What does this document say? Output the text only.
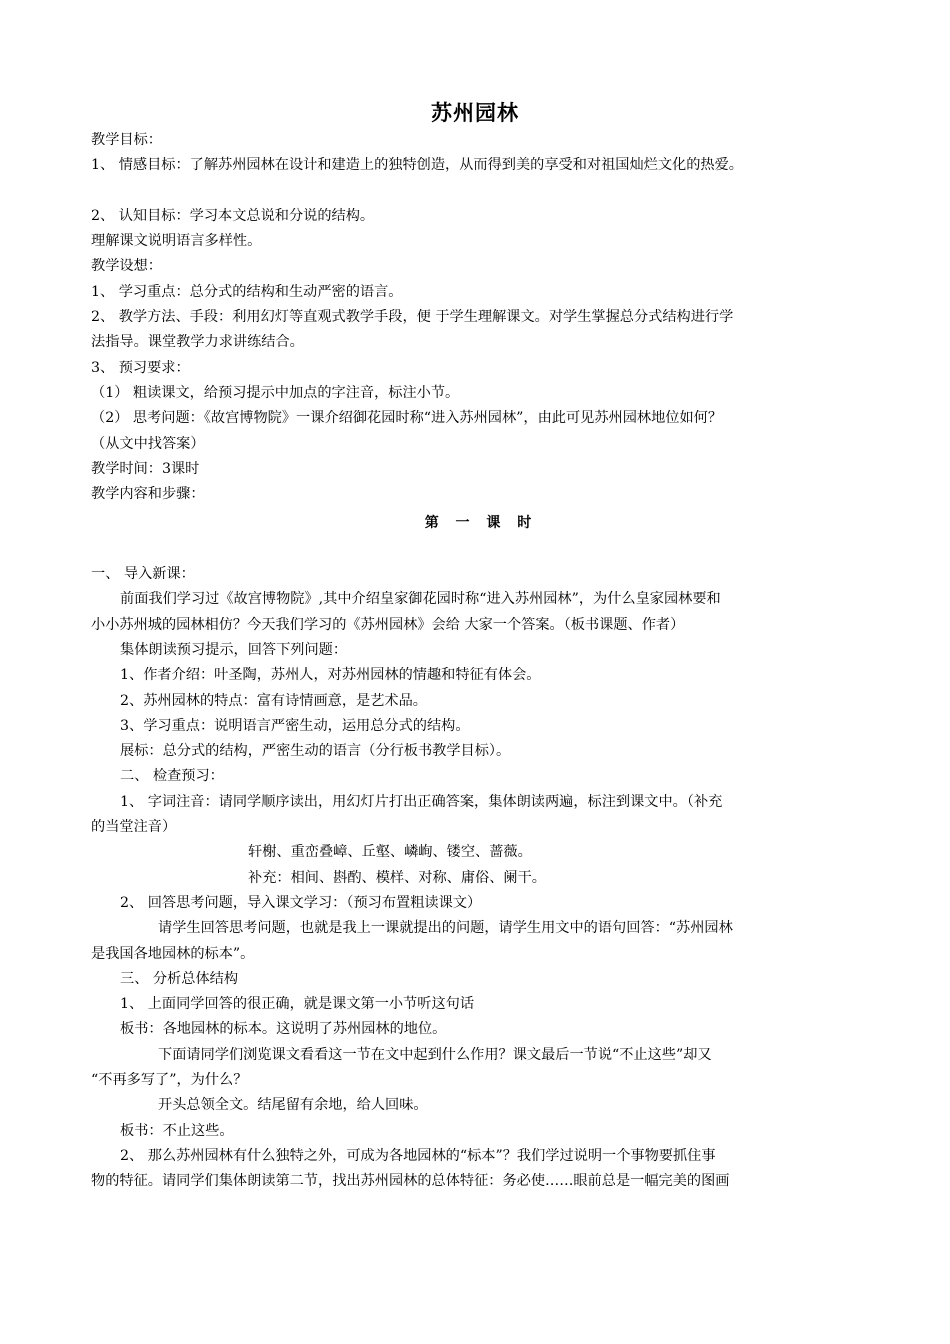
苏州园林
教学目标：
1、 情感目标：了解苏州园林在设计和建造上的独特创造，从而得到美的享受和对祖国灿烂文化的热爱。
2、 认知目标：学习本文总说和分说的结构。
理解课文说明语言多样性。
教学设想：
1、 学习重点：总分式的结构和生动严密的语言。
2、 教学方法、手段：利用幻灯等直观式教学手段，便 于学生理解课文。对学生掌握总分式结构进行学
法指导。课堂教学力求讲练结合。
3、 预习要求：
（1） 粗读课文，给预习提示中加点的字注音，标注小节。
（2） 思考问题：《故宫博物院》一课介绍御花园时称“进入苏州园林”，由此可见苏州园林地位如何？
（从文中找答案）
教学时间：3课时
教学内容和步骤：
第 一 课 时
一、 导入新课：
前面我们学习过《故宫博物院》,其中介绍皇家御花园时称“进入苏州园林”，为什么皇家园林要和
小小苏州城的园林相仿？今天我们学习的《苏州园林》会给 大家一个答案。（板书课题、作者）
集体朗读预习提示，回答下列问题：
1、作者介绍：叶圣陶，苏州人，对苏州园林的情趣和特征有体会。
2、苏州园林的特点：富有诗情画意，是艺术品。
3、学习重点：说明语言严密生动，运用总分式的结构。
展标：总分式的结构，严密生动的语言（分行板书教学目标）。
二、 检查预习：
1、 字词注音：请同学顺序读出，用幻灯片打出正确答案，集体朗读两遍，标注到课文中。（补充
的当堂注音）
轩榭、重峦叠嶂、丘壑、嶙峋、镂空、蔷薇。
补充：相间、斟酌、模样、对称、庸俗、阑干。
2、 回答思考问题，导入课文学习：（预习布置粗读课文）
请学生回答思考问题，也就是我上一课就提出的问题，请学生用文中的语句回答：“苏州园林
是我国各地园林的标本”。
三、 分析总体结构
1、 上面同学回答的很正确，就是课文第一小节听这句话
板书：各地园林的标本。这说明了苏州园林的地位。
下面请同学们浏览课文看看这一节在文中起到什么作用？课文最后一节说“不止这些”却又
“不再多写了”，为什么？
开头总领全文。结尾留有余地，给人回味。
板书：不止这些。
2、 那么苏州园林有什么独特之外，可成为各地园林的“标本”？我们学过说明一个事物要抓住事
物的特征。请同学们集体朗读第二节，找出苏州园林的总体特征：务必使……眼前总是一幅完美的图画
